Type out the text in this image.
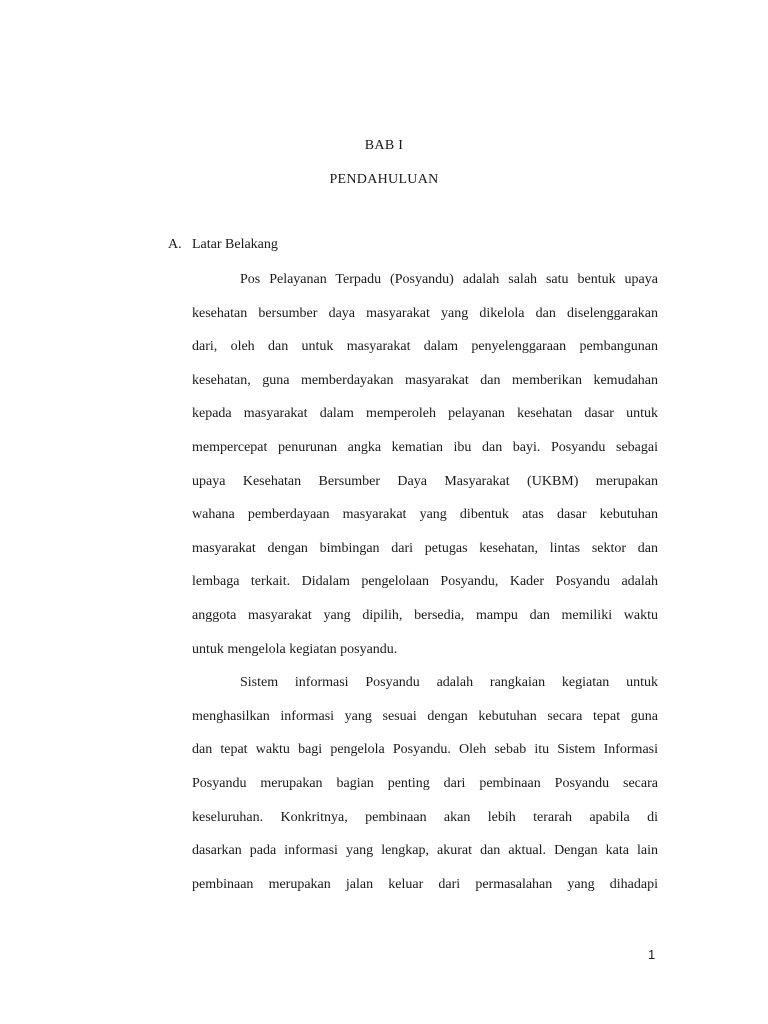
BAB I
PENDAHULUAN
A. Latar Belakang
Pos Pelayanan Terpadu (Posyandu) adalah salah satu bentuk upaya
kesehatan bersumber daya masyarakat yang dikelola dan diselenggarakan
dari, oleh dan untuk masyarakat dalam penyelenggaraan pembangunan
kesehatan, guna memberdayakan masyarakat dan memberikan kemudahan
kepada masyarakat dalam memperoleh pelayanan kesehatan dasar untuk
mempercepat penurunan angka kematian ibu dan bayi. Posyandu sebagai
upaya Kesehatan Bersumber Daya Masyarakat (UKBM) merupakan
wahana pemberdayaan masyarakat yang dibentuk atas dasar kebutuhan
masyarakat dengan bimbingan dari petugas kesehatan, lintas sektor dan
lembaga terkait. Didalam pengelolaan Posyandu, Kader Posyandu adalah
anggota masyarakat yang dipilih, bersedia, mampu dan memiliki waktu
untuk mengelola kegiatan posyandu.
Sistem informasi Posyandu adalah rangkaian kegiatan untuk
menghasilkan informasi yang sesuai dengan kebutuhan secara tepat guna
dan tepat waktu bagi pengelola Posyandu. Oleh sebab itu Sistem Informasi
Posyandu merupakan bagian penting dari pembinaan Posyandu secara
keseluruhan. Konkritnya, pembinaan akan lebih terarah apabila di
dasarkan pada informasi yang lengkap, akurat dan aktual. Dengan kata lain
pembinaan merupakan jalan keluar dari permasalahan yang dihadapi
1
